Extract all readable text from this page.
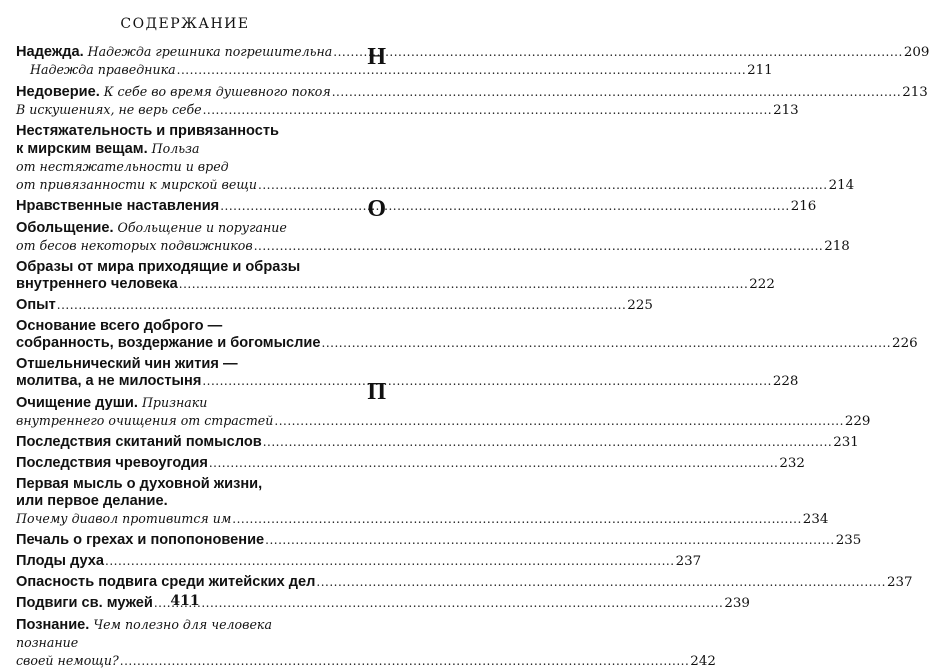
СОДЕРЖАНИЕ
Надежда. Надежда грешника погрешительна .....	209
Надежда праведника .....	211
Недоверие. К себе во время душевного покоя .....	213
В искушениях, не верь себе .....	213
Нестяжательность и привязанность
к мирским вещам. Польза
от нестяжательности и вред
от привязанности к мирской вещи .....	214
Нравственные наставления .....	216
Обольщение. Обольщение и поругание
от бесов некоторых подвижников .....	218
Образы от мира приходящие и образы
внутреннего человека .....	222
Опыт .....	225
Основание всего доброго —
собранность, воздержание и богомыслие .....	226
Отшельнический чин жития —
молитва, а не милостыня .....	228
Очищение души. Признаки
внутреннего очищения от страстей .....	229
Последствия скитаний помыслов .....	231
Последствия чревоугодия .....	232
Первая мысль о духовной жизни,
или первое делание.
Почему диавол противится им .....	234
Печаль о грехах и попопоновение .....	235
Плоды духа .....	237
Опасность подвига среди житейских дел .....	237
Подвиги св. мужей .....	239
Познание. Чем полезно для человека познание
своей немощи? .....	242
Н
О
П
411
